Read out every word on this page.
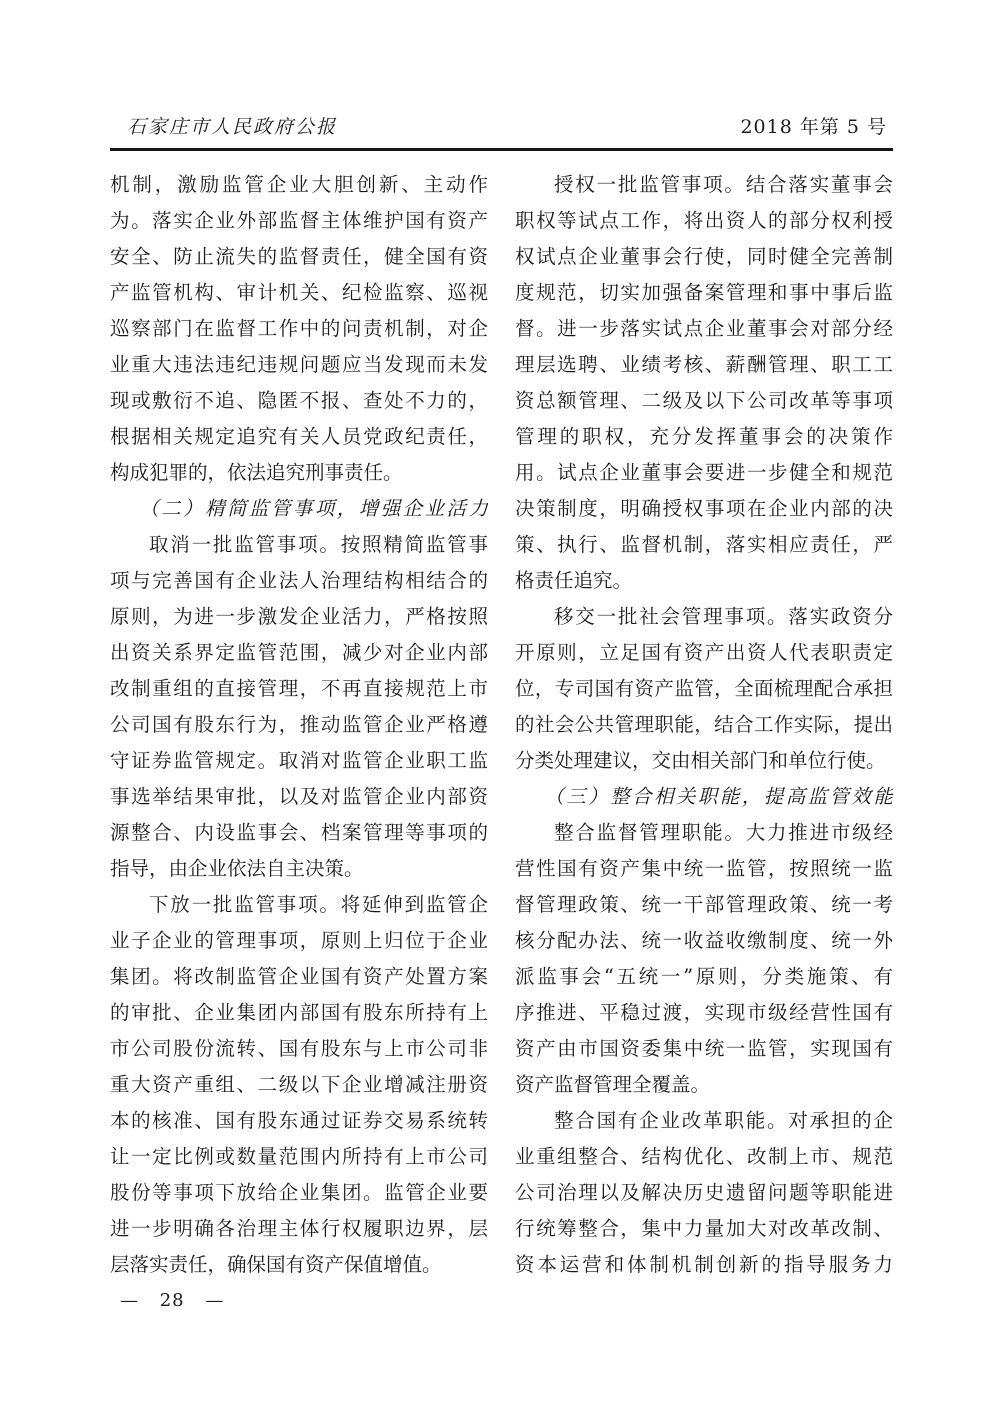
石家庄市人民政府公报	2018 年第 5 号
机制，激励监管企业大胆创新、主动作
为。落实企业外部监督主体维护国有资产
安全、防止流失的监督责任，健全国有资
产监管机构、审计机关、纪检监察、巡视
巡察部门在监督工作中的问责机制，对企
业重大违法违纪违规问题应当发现而未发
现或敷衍不追、隐匿不报、查处不力的，
根据相关规定追究有关人员党政纪责任，
构成犯罪的，依法追究刑事责任。
（二）精简监管事项，增强企业活力
取消一批监管事项。按照精简监管事
项与完善国有企业法人治理结构相结合的
原则，为进一步激发企业活力，严格按照
出资关系界定监管范围，减少对企业内部
改制重组的直接管理，不再直接规范上市
公司国有股东行为，推动监管企业严格遵
守证券监管规定。取消对监管企业职工监
事选举结果审批，以及对监管企业内部资
源整合、内设监事会、档案管理等事项的
指导，由企业依法自主决策。
下放一批监管事项。将延伸到监管企
业子企业的管理事项，原则上归位于企业
集团。将改制监管企业国有资产处置方案
的审批、企业集团内部国有股东所持有上
市公司股份流转、国有股东与上市公司非
重大资产重组、二级以下企业增减注册资
本的核准、国有股东通过证券交易系统转
让一定比例或数量范围内所持有上市公司
股份等事项下放给企业集团。监管企业要
进一步明确各治理主体行权履职边界，层
层落实责任，确保国有资产保值增值。
授权一批监管事项。结合落实董事会
职权等试点工作，将出资人的部分权利授
权试点企业董事会行使，同时健全完善制
度规范，切实加强备案管理和事中事后监
督。进一步落实试点企业董事会对部分经
理层选聘、业绩考核、薪酬管理、职工工
资总额管理、二级及以下公司改革等事项
管理的职权，充分发挥董事会的决策作
用。试点企业董事会要进一步健全和规范
决策制度，明确授权事项在企业内部的决
策、执行、监督机制，落实相应责任，严
格责任追究。
移交一批社会管理事项。落实政资分
开原则，立足国有资产出资人代表职责定
位，专司国有资产监管，全面梳理配合承担
的社会公共管理职能，结合工作实际，提出
分类处理建议，交由相关部门和单位行使。
（三）整合相关职能，提高监管效能
整合监督管理职能。大力推进市级经
营性国有资产集中统一监管，按照统一监
督管理政策、统一干部管理政策、统一考
核分配办法、统一收益收缴制度、统一外
派监事会“五统一”原则，分类施策、有
序推进、平稳过渡，实现市级经营性国有
资产由市国资委集中统一监管，实现国有
资产监督管理全覆盖。
整合国有企业改革职能。对承担的企
业重组整合、结构优化、改制上市、规范
公司治理以及解决历史遗留问题等职能进
行统筹整合，集中力量加大对改革改制、
资本运营和体制机制创新的指导服务力
— 28 —
